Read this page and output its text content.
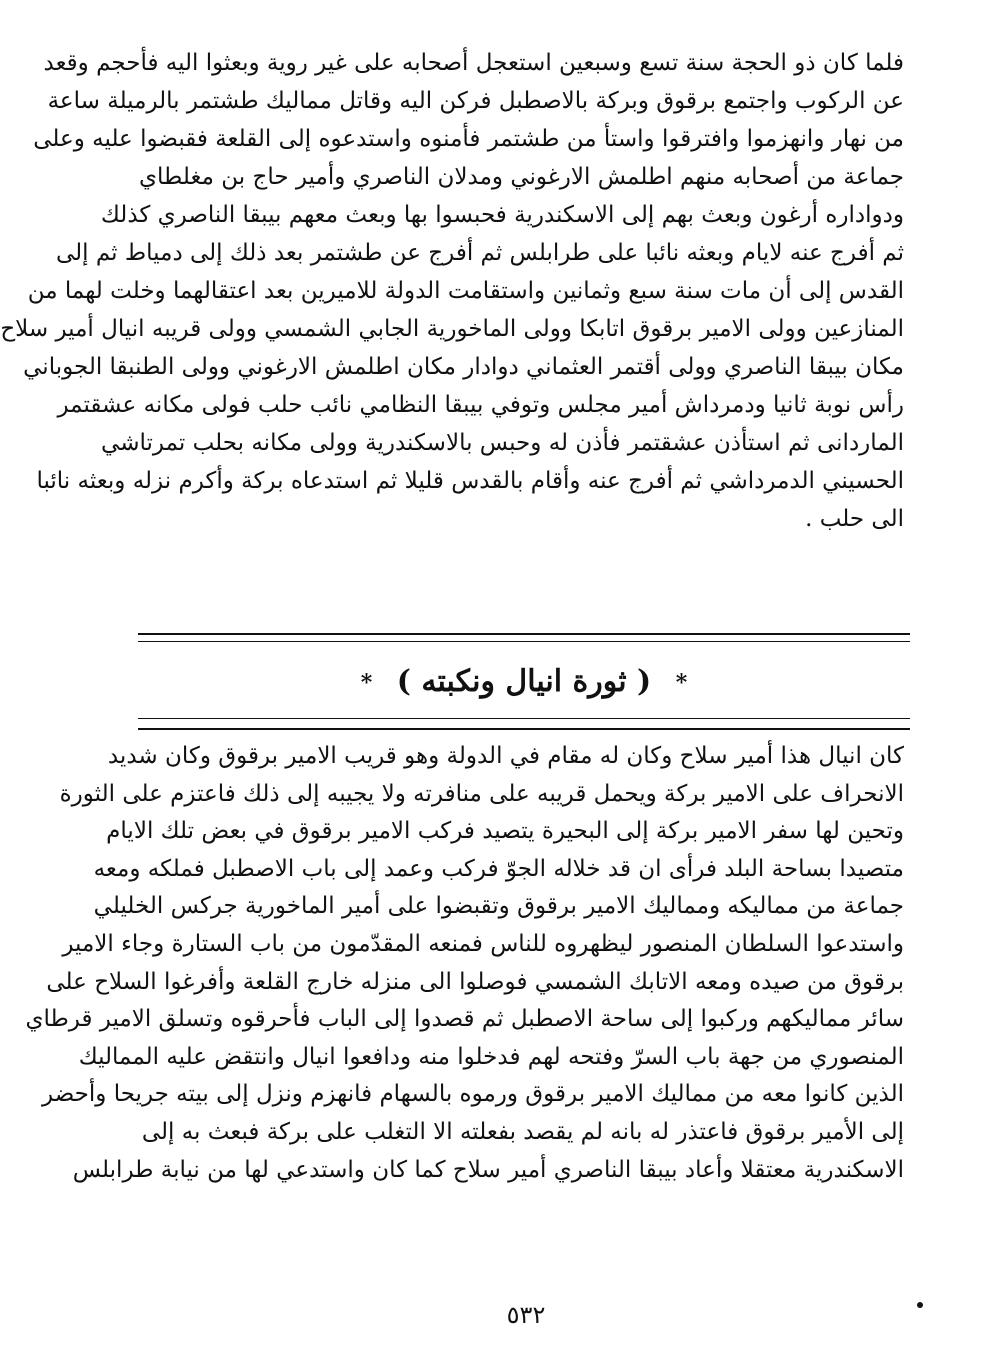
فلما كان ذو الحجة سنة تسع وسبعين استعجل أصحابه على غير روية وبعثوا اليه فأحجم وقعد
عن الركوب واجتمع برقوق وبركة بالاصطبل فركن اليه وقاتل مماليك طشتمر بالرميلة ساعة
من نهار وانهزموا وافترقوا واستأ من طشتمر فأمنوه واستدعوه إلى القلعة فقبضوا عليه وعلى
جماعة من أصحابه منهم اطلمش الارغوني ومدلان الناصري وأمير حاج بن مغلطاي
ودواداره أرغون وبعث بهم إلى الاسكندرية فحبسوا بها وبعث معهم بيبقا الناصري كذلك
ثم أفرج عنه لايام وبعثه نائبا على طرابلس ثم أفرج عن طشتمر بعد ذلك إلى دمياط ثم إلى
القدس إلى أن مات سنة سبع وثمانين واستقامت الدولة للاميرين بعد اعتقالهما وخلت لهما من
المنازعين وولى الامير برقوق اتابكا وولى الماخورية الجابي الشمسي وولى قريبه انيال أمير سلاح
مكان بيبقا الناصري وولى أقتمر العثماني دوادار مكان اطلمش الارغوني وولى الطنبقا الجوباني
رأس نوبة ثانيا ودمرداش أمير مجلس وتوفي بيبقا النظامي نائب حلب فولى مكانه عشقتمر
الماردانى ثم استأذن عشقتمر فأذن له وحبس بالاسكندرية وولى مكانه بحلب تمرتاشي
الحسيني الدمرداشي ثم أفرج عنه وأقام بالقدس قليلا ثم استدعاه بركة وأكرم نزله وبعثه نائبا
الى حلب .
* ( ثورة انيال ونكبته ) *
كان انيال هذا أمير سلاح وكان له مقام في الدولة وهو قريب الامير برقوق وكان شديد
الانحراف على الامير بركة ويحمل قريبه على منافرته ولا يجيبه إلى ذلك فاعتزم على الثورة
وتحين لها سفر الامير بركة إلى البحيرة يتصيد فركب الامير برقوق في بعض تلك الايام
متصيدا بساحة البلد فرأى ان قد خلاله الجوّ فركب وعمد إلى باب الاصطبل فملكه ومعه
جماعة من مماليكه ومماليك الامير برقوق وتقبضوا على أمير الماخورية جركس الخليلي
واستدعوا السلطان المنصور ليظهروه للناس فمنعه المقدّمون من باب الستارة وجاء الامير
برقوق من صيده ومعه الاتابك الشمسي فوصلوا الى منزله خارج القلعة وأفرغوا السلاح على
سائر مماليكهم وركبوا إلى ساحة الاصطبل ثم قصدوا إلى الباب فأحرقوه وتسلق الامير قرطاي
المنصوري من جهة باب السرّ وفتحه لهم فدخلوا منه ودافعوا انيال وانتقض عليه المماليك
الذين كانوا معه من مماليك الامير برقوق ورموه بالسهام فانهزم ونزل إلى بيته جريحا وأحضر
إلى الأمير برقوق فاعتذر له بانه لم يقصد بفعلته الا التغلب على بركة فبعث به إلى
الاسكندرية معتقلا وأعاد بيبقا الناصري أمير سلاح كما كان واستدعي لها من نيابة طرابلس
٥٣٢
